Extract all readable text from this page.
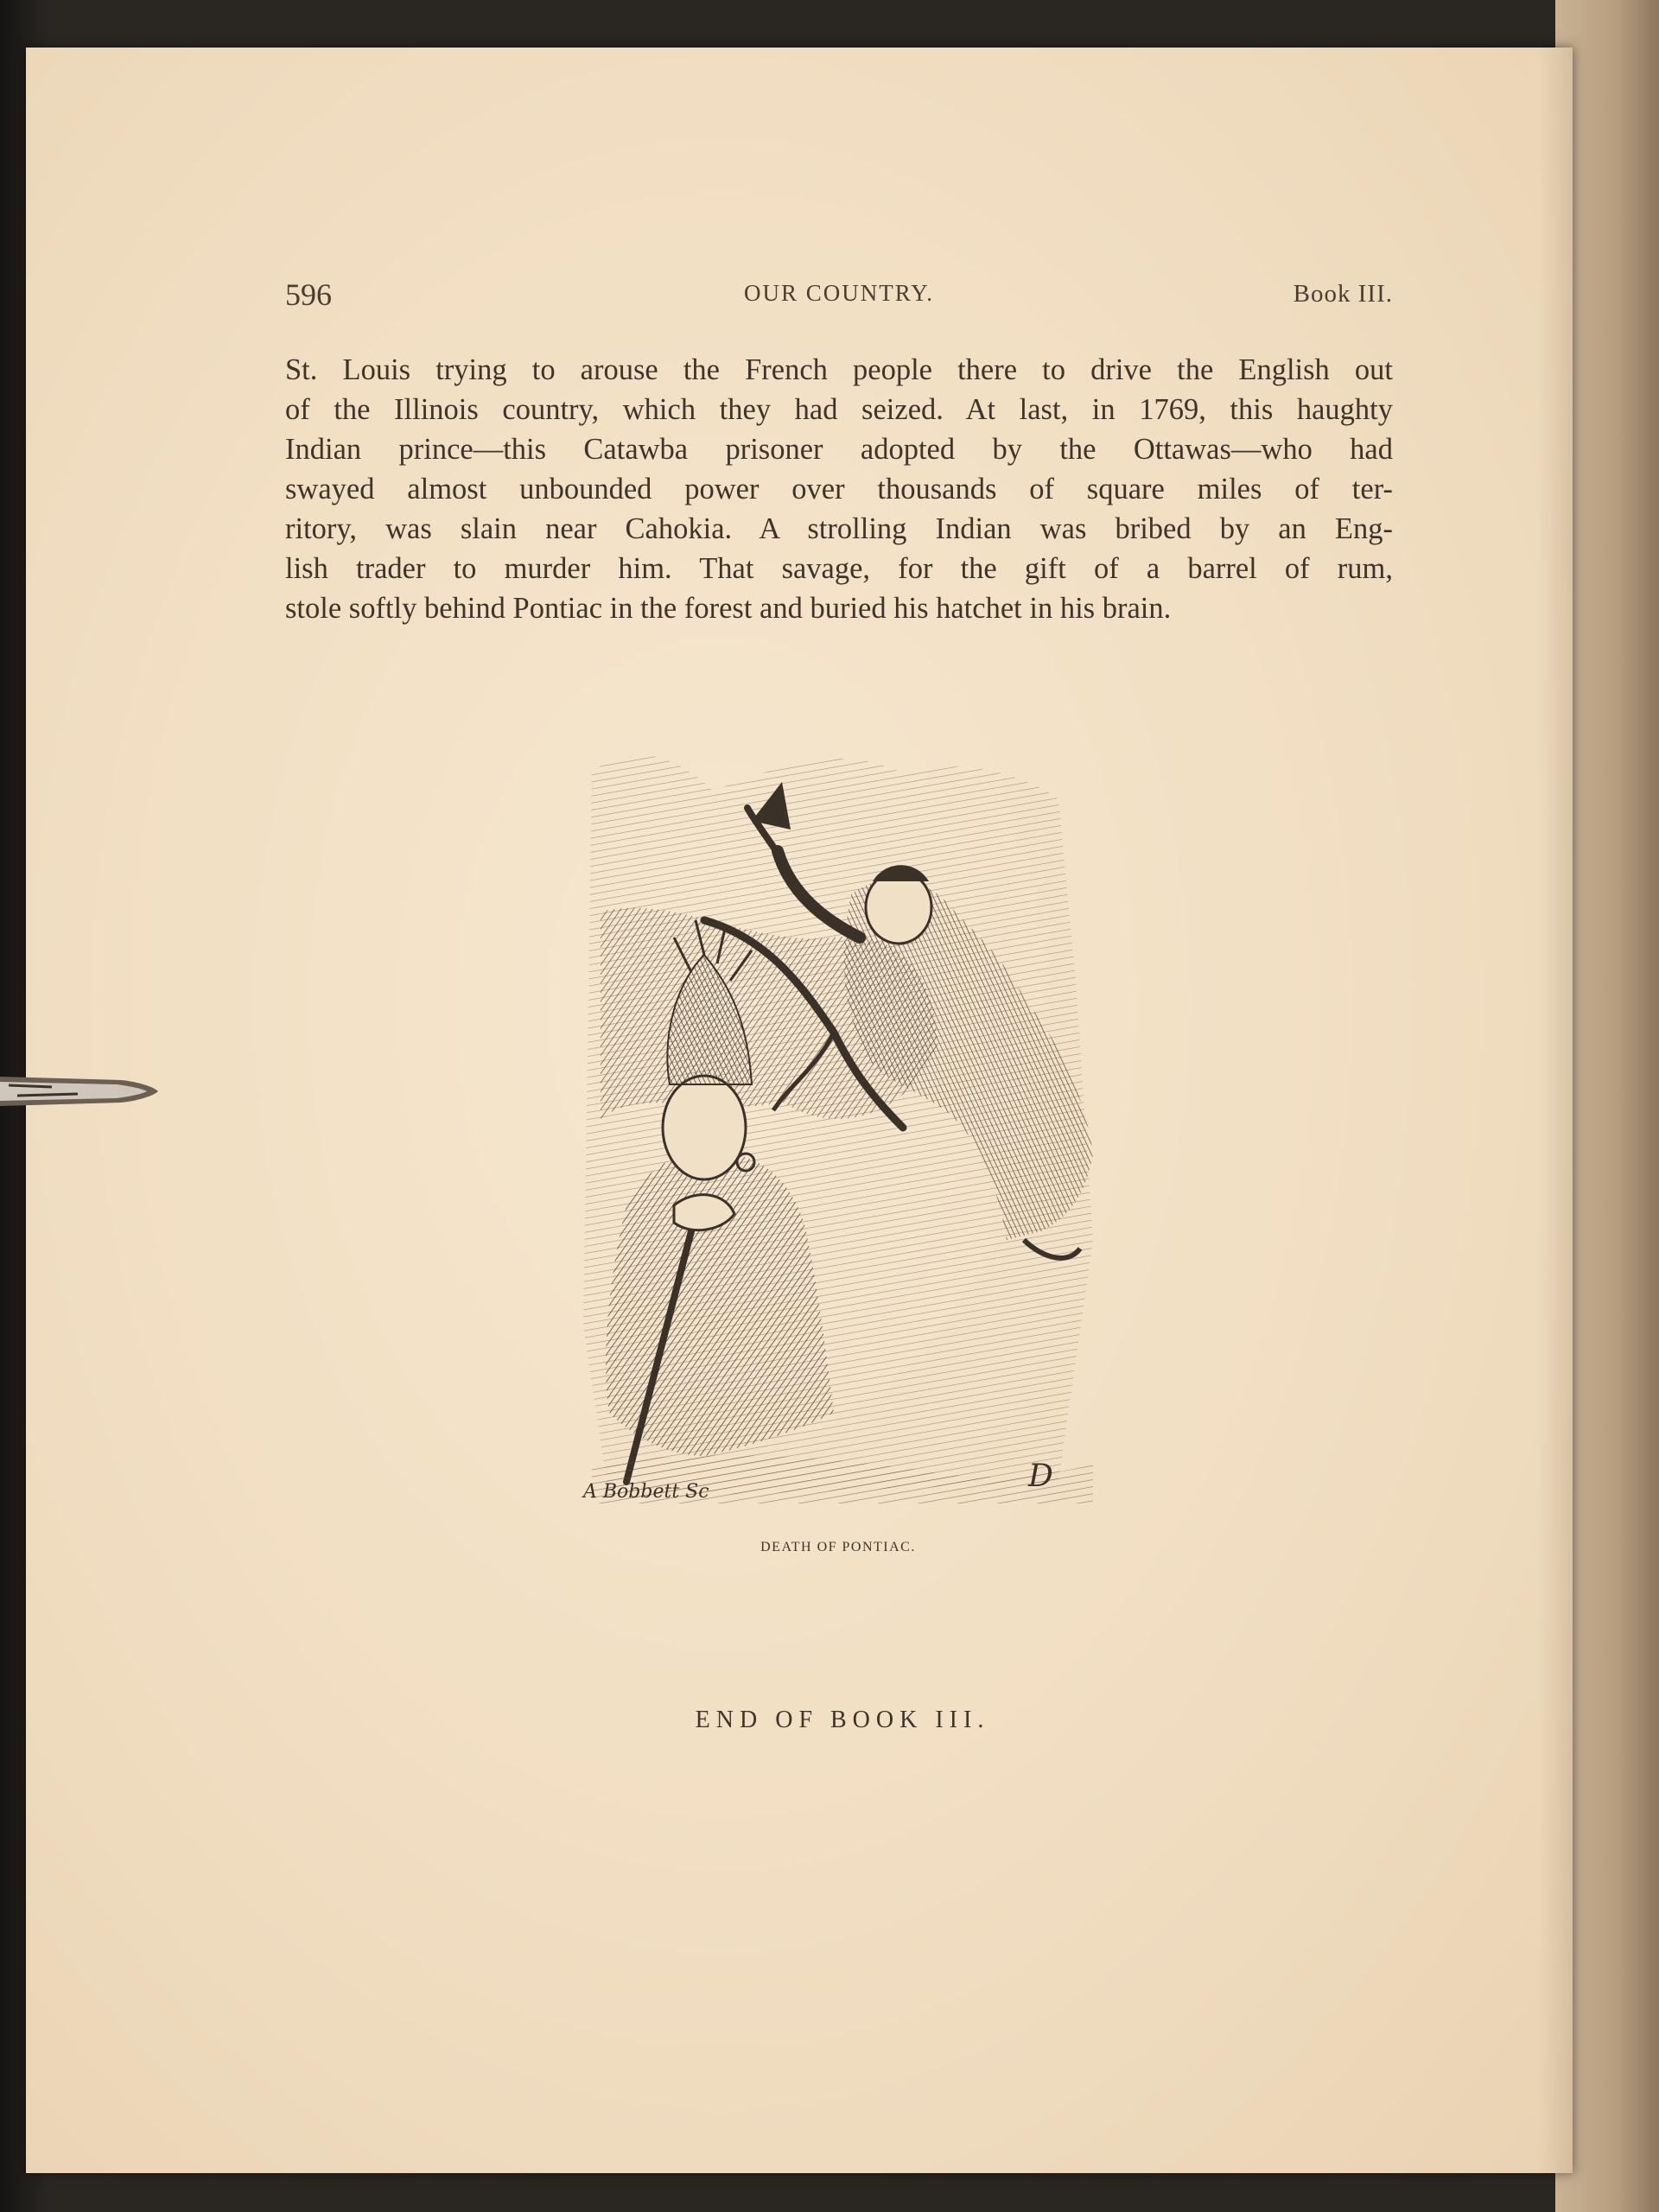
596	OUR COUNTRY.	Book III.
St. Louis trying to arouse the French people there to drive the English out
of the Illinois country, which they had seized. At last, in 1769, this haughty
Indian prince—this Catawba prisoner adopted by the Ottawas—who had
swayed almost unbounded power over thousands of square miles of ter-
ritory, was slain near Cahokia. A strolling Indian was bribed by an Eng-
lish trader to murder him. That savage, for the gift of a barrel of rum,
stole softly behind Pontiac in the forest and buried his hatchet in his brain.
A Bobbett Sc	D
DEATH OF PONTIAC.
END OF BOOK III.
